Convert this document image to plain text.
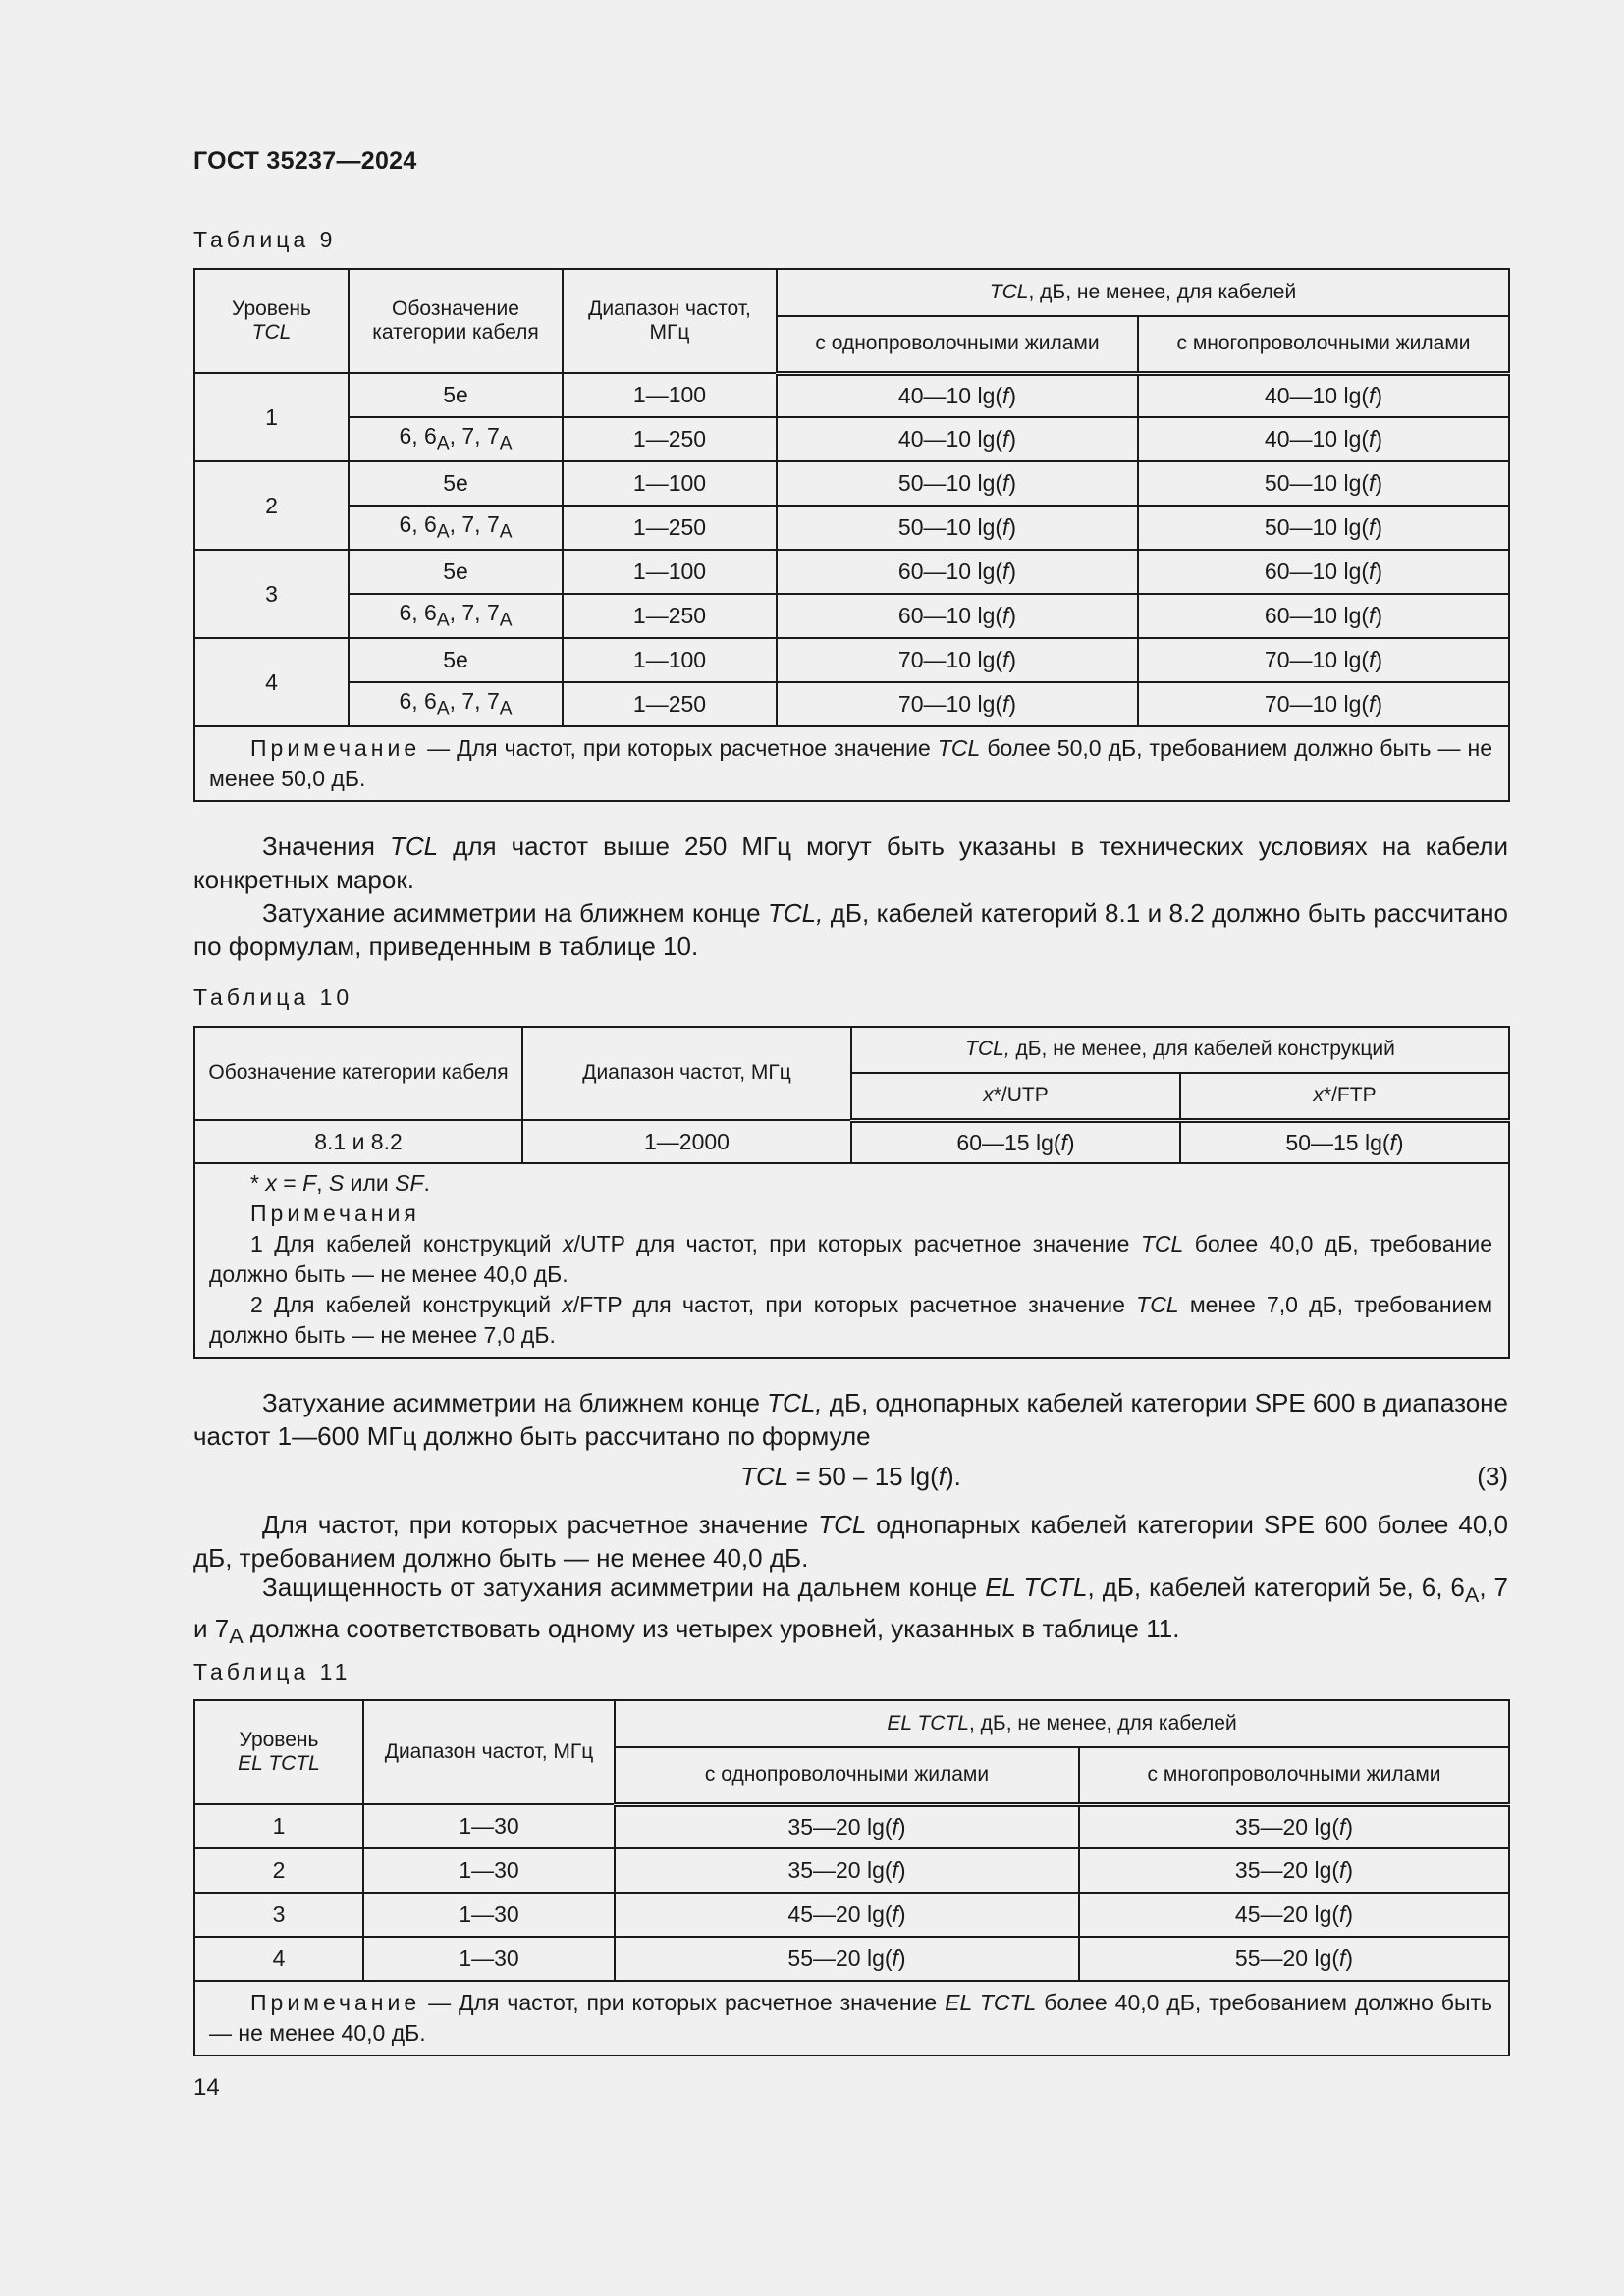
ГОСТ 35237—2024
Таблица 9
Уровень
TCL	Обозначение категории кабеля	Диапазон частот, МГц	TCL, дБ, не менее, для кабелей	
			с однопроволочными жилами	с многопроволочными жилами
1	5e	1—100	40—10 lg(f)	40—10 lg(f)
	6, $6_A$, 7, $7_A$	1—250	40—10 lg(f)	40—10 lg(f)
2	5e	1—100	50—10 lg(f)	50—10 lg(f)
	6, $6_A$, 7, $7_A$	1—250	50—10 lg(f)	50—10 lg(f)
3	5e	1—100	60—10 lg(f)	60—10 lg(f)
	6, $6_A$, 7, $7_A$	1—250	60—10 lg(f)	60—10 lg(f)
4	5e	1—100	70—10 lg(f)	70—10 lg(f)
	6, $6_A$, 7, $7_A$	1—250	70—10 lg(f)	70—10 lg(f)

Примечание — Для частот, при которых расчетное значение TCL более 50,0 дБ, требованием должно быть — не менее 50,0 дБ.				
Значения TCL для частот выше 250 МГц могут быть указаны в технических условиях на кабели конкретных марок.
Затухание асимметрии на ближнем конце TCL, дБ, кабелей категорий 8.1 и 8.2 должно быть рассчитано по формулам, приведенным в таблице 10.
Таблица 10
Обозначение категории кабеля	Диапазон частот, МГц	TCL, дБ, не менее, для кабелей конструкций	
		x*/UTP	x*/FTP
8.1 и 8.2	1—2000	60—15 lg(f)	50—15 lg(f)

* x = F, S или SF.
Примечания
1 Для кабелей конструкций x/UTP для частот, при которых расчетное значение TCL более 40,0 дБ, требование должно быть — не менее 40,0 дБ.
2 Для кабелей конструкций x/FTP для частот, при которых расчетное значение TCL менее 7,0 дБ, требованием должно быть — не менее 7,0 дБ.			
Затухание асимметрии на ближнем конце TCL, дБ, однопарных кабелей категории SPE 600 в диапазоне частот 1—600 МГц должно быть рассчитано по формуле
TCL = 50 – 15 lg(f).	(3)
Для частот, при которых расчетное значение TCL однопарных кабелей категории SPE 600 более 40,0 дБ, требованием должно быть — не менее 40,0 дБ.
Защищенность от затухания асимметрии на дальнем конце EL TCTL, дБ, кабелей категорий 5е, 6, $6_A$, 7 и $7_A$ должна соответствовать одному из четырех уровней, указанных в таблице 11.
Таблица 11
Уровень
EL TCTL	Диапазон частот, МГц	EL TCTL, дБ, не менее, для кабелей	
		с однопроволочными жилами	с многопроволочными жилами
1	1—30	35—20 lg(f)	35—20 lg(f)
2	1—30	35—20 lg(f)	35—20 lg(f)
3	1—30	45—20 lg(f)	45—20 lg(f)
4	1—30	55—20 lg(f)	55—20 lg(f)

Примечание — Для частот, при которых расчетное значение EL TCTL более 40,0 дБ, требованием должно быть — не менее 40,0 дБ.			
14
